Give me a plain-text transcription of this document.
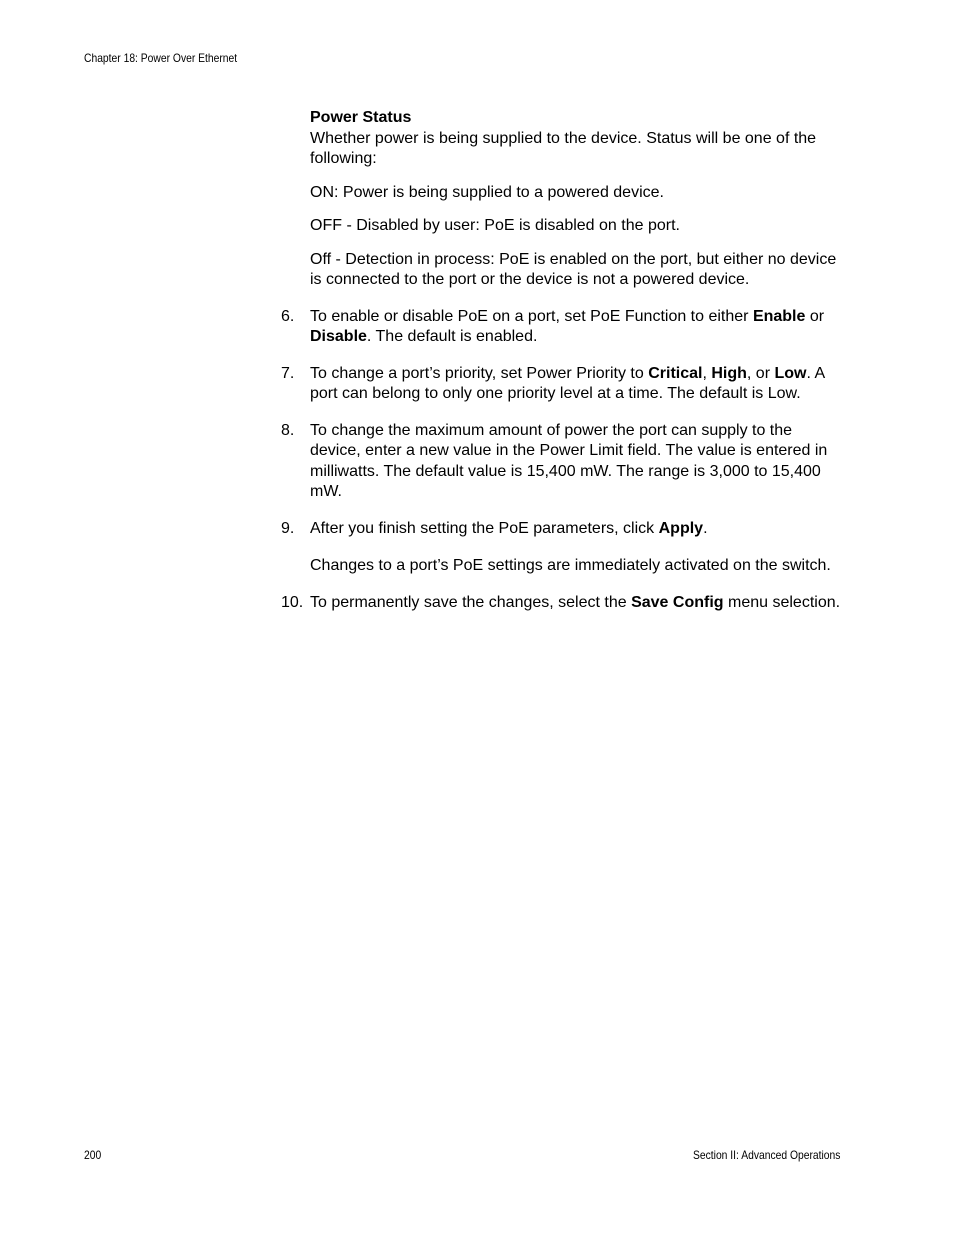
Chapter 18: Power Over Ethernet

Power Status

Whether power is being supplied to the device. Status will be one of the following:

ON: Power is being supplied to a powered device.

OFF - Disabled by user: PoE is disabled on the port.

Off - Detection in process: PoE is enabled on the port, but either no device is connected to the port or the device is not a powered device.

6. To enable or disable PoE on a port, set PoE Function to either Enable or Disable. The default is enabled.
7. To change a port’s priority, set Power Priority to Critical, High, or Low. A port can belong to only one priority level at a time. The default is Low.
8. To change the maximum amount of power the port can supply to the device, enter a new value in the Power Limit field. The value is entered in milliwatts. The default value is 15,400 mW. The range is 3,000 to 15,400 mW.
9. After you finish setting the PoE parameters, click Apply.

Changes to a port’s PoE settings are immediately activated on the switch.

10. To permanently save the changes, select the Save Config menu selection.
200	Section II: Advanced Operations
